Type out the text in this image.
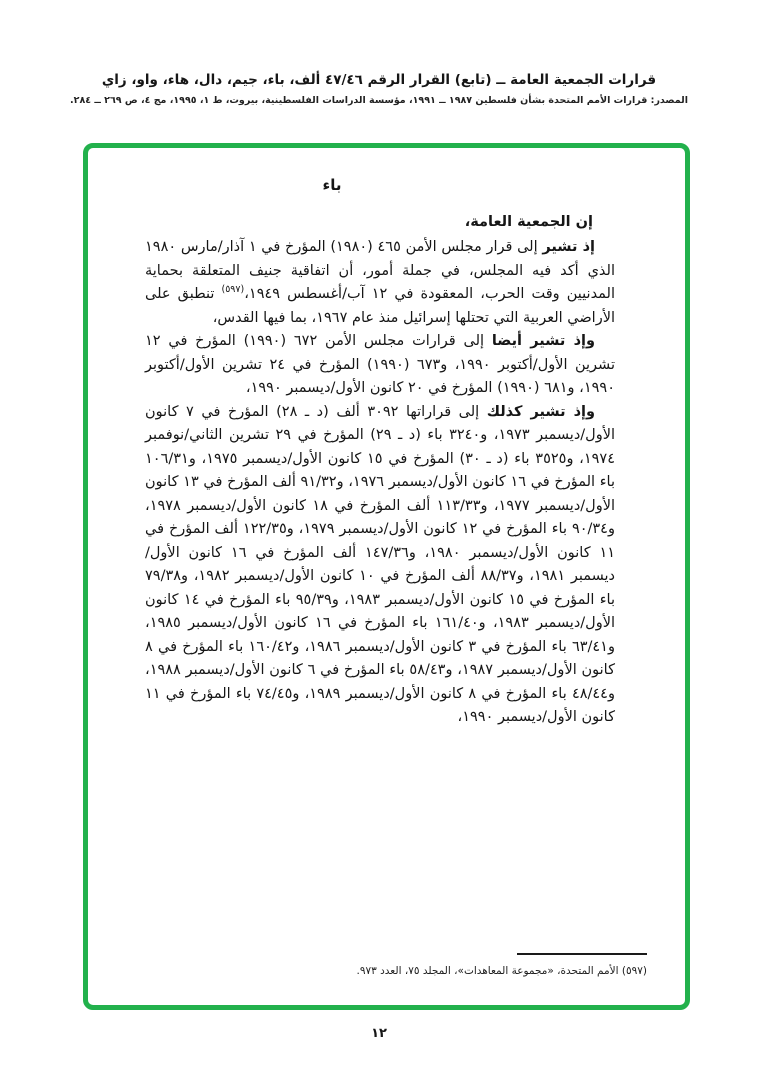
قرارات الجمعية العامة ــ (تابع) القرار الرقم ٤٧/٤٦ ألف، باء، جيم، دال، هاء، واو، زاي
المصدر: قرارات الأمم المتحدة بشأن فلسطين ١٩٨٧ ــ ١٩٩١، مؤسسة الدراسات الفلسطينية، بيروت، ط ١، ١٩٩٥، مج ٤، ص ٢٦٩ ــ ٢٨٤.
باء

إن الجمعية العامة،

إذ تشير إلى قرار مجلس الأمن ٤٦٥ (١٩٨٠) المؤرخ في ١ آذار/مارس ١٩٨٠ الذي أكد فيه المجلس، في جملة أمور، أن اتفاقية جنيف المتعلقة بحماية المدنيين وقت الحرب، المعقودة في ١٢ آب/أغسطس ١٩٤٩،$^{(٥٩٧)}$ تنطبق على الأراضي العربية التي تحتلها إسرائيل منذ عام ١٩٦٧، بما فيها القدس،

وإذ تشير أيضا إلى قرارات مجلس الأمن ٦٧٢ (١٩٩٠) المؤرخ في ١٢ تشرين الأول/أكتوبر ١٩٩٠، و٦٧٣ (١٩٩٠) المؤرخ في ٢٤ تشرين الأول/أكتوبر ١٩٩٠، و٦٨١ (١٩٩٠) المؤرخ في ٢٠ كانون الأول/ديسمبر ١٩٩٠،

وإذ تشير كذلك إلى قراراتها ٣٠٩٢ ألف (د ـ ٢٨) المؤرخ في ٧ كانون الأول/ديسمبر ١٩٧٣، و٣٢٤٠ باء (د ـ ٢٩) المؤرخ في ٢٩ تشرين الثاني/نوفمبر ١٩٧٤، و٣٥٢٥ باء (د ـ ٣٠) المؤرخ في ١٥ كانون الأول/ديسمبر ١٩٧٥، و١٠٦/٣١ باء المؤرخ في ١٦ كانون الأول/ديسمبر ١٩٧٦، و٩١/٣٢ ألف المؤرخ في ١٣ كانون الأول/ديسمبر ١٩٧٧، و١١٣/٣٣ ألف المؤرخ في ١٨ كانون الأول/ديسمبر ١٩٧٨، و٩٠/٣٤ باء المؤرخ في ١٢ كانون الأول/ديسمبر ١٩٧٩، و١٢٢/٣٥ ألف المؤرخ في ١١ كانون الأول/ديسمبر ١٩٨٠، و١٤٧/٣٦ ألف المؤرخ في ١٦ كانون الأول/ديسمبر ١٩٨١، و٨٨/٣٧ ألف المؤرخ في ١٠ كانون الأول/ديسمبر ١٩٨٢، و٧٩/٣٨ باء المؤرخ في ١٥ كانون الأول/ديسمبر ١٩٨٣، و٩٥/٣٩ باء المؤرخ في ١٤ كانون الأول/ديسمبر ١٩٨٣، و١٦١/٤٠ باء المؤرخ في ١٦ كانون الأول/ديسمبر ١٩٨٥، و٦٣/٤١ باء المؤرخ في ٣ كانون الأول/ديسمبر ١٩٨٦، و١٦٠/٤٢ باء المؤرخ في ٨ كانون الأول/ديسمبر ١٩٨٧، و٥٨/٤٣ باء المؤرخ في ٦ كانون الأول/ديسمبر ١٩٨٨، و٤٨/٤٤ باء المؤرخ في ٨ كانون الأول/ديسمبر ١٩٨٩، و٧٤/٤٥ باء المؤرخ في ١١ كانون الأول/ديسمبر ١٩٩٠،

(٥٩٧) الأمم المتحدة، «مجموعة المعاهدات»، المجلد ٧٥، العدد ٩٧٣.
١٢
